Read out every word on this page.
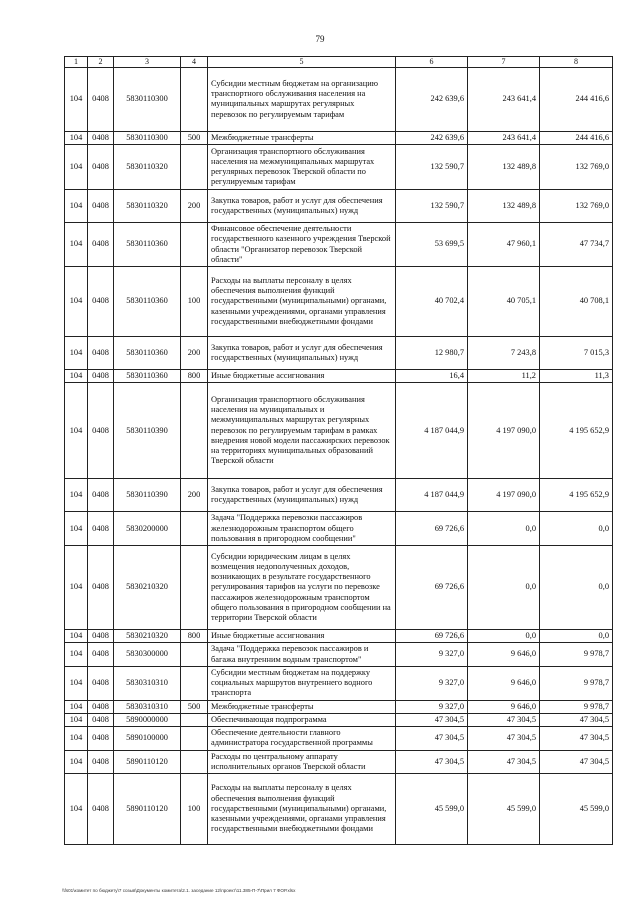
79
1	2	3	4	5	6	7	8
104	0408	5830110300		Субсидии местным бюджетам на организацию транспортного обслуживания населения на муниципальных маршрутах регулярных перевозок по регулируемым тарифам	242 639,6	243 641,4	244 416,6
104	0408	5830110300	500	Межбюджетные трансферты	242 639,6	243 641,4	244 416,6
104	0408	5830110320		Организация транспортного обслуживания населения на межмуниципальных маршрутах регулярных перевозок Тверской области по регулируемым тарифам	132 590,7	132 489,8	132 769,0
104	0408	5830110320	200	Закупка товаров, работ и услуг для обеспечения государственных (муниципальных) нужд	132 590,7	132 489,8	132 769,0
104	0408	5830110360		Финансовое обеспечение деятельности государственного казенного учреждения Тверской области "Организатор перевозок Тверской области"	53 699,5	47 960,1	47 734,7
104	0408	5830110360	100	Расходы на выплаты персоналу в целях обеспечения выполнения функций государственными (муниципальными) органами, казенными учреждениями, органами управления государственными внебюджетными фондами	40 702,4	40 705,1	40 708,1
104	0408	5830110360	200	Закупка товаров, работ и услуг для обеспечения государственных (муниципальных) нужд	12 980,7	7 243,8	7 015,3
104	0408	5830110360	800	Иные бюджетные ассигнования	16,4	11,2	11,3
104	0408	5830110390		Организация транспортного обслуживания населения на муниципальных и межмуниципальных маршрутах регулярных перевозок по регулируемым тарифам в рамках внедрения новой модели пассажирских перевозок на территориях муниципальных образований Тверской области	4 187 044,9	4 197 090,0	4 195 652,9
104	0408	5830110390	200	Закупка товаров, работ и услуг для обеспечения государственных (муниципальных) нужд	4 187 044,9	4 197 090,0	4 195 652,9
104	0408	5830200000		Задача "Поддержка перевозки пассажиров железнодорожным транспортом общего пользования в пригородном сообщении"	69 726,6	0,0	0,0
104	0408	5830210320		Субсидии юридическим лицам в целях возмещения недополученных доходов, возникающих в результате государственного регулирования тарифов на услуги по перевозке пассажиров железнодорожным транспортом общего пользования в пригородном сообщении на территории Тверской области	69 726,6	0,0	0,0
104	0408	5830210320	800	Иные бюджетные ассигнования	69 726,6	0,0	0,0
104	0408	5830300000		Задача "Поддержка перевозок пассажиров и багажа внутренним водным транспортом"	9 327,0	9 646,0	9 978,7
104	0408	5830310310		Субсидии местным бюджетам на поддержку социальных маршрутов внутреннего водного транспорта	9 327,0	9 646,0	9 978,7
104	0408	5830310310	500	Межбюджетные трансферты	9 327,0	9 646,0	9 978,7
104	0408	5890000000		Обеспечивающая подпрограмма	47 304,5	47 304,5	47 304,5
104	0408	5890100000		Обеспечение деятельности главного администратора государственной программы	47 304,5	47 304,5	47 304,5
104	0408	5890110120		Расходы по центральному аппарату исполнительных органов Тверской области	47 304,5	47 304,5	47 304,5
104	0408	5890110120	100	Расходы на выплаты персоналу в целях обеспечения выполнения функций государственными (муниципальными) органами, казенными учреждениями, органами управления государственными внебюджетными фондами	45 599,0	45 599,0	45 599,0
\\fs01\комитет по бюджету\7 созыв\Документы комитета\2.1. заседание 12\проект\11.385-П-7\Прил 7 ФОР.xlsx
